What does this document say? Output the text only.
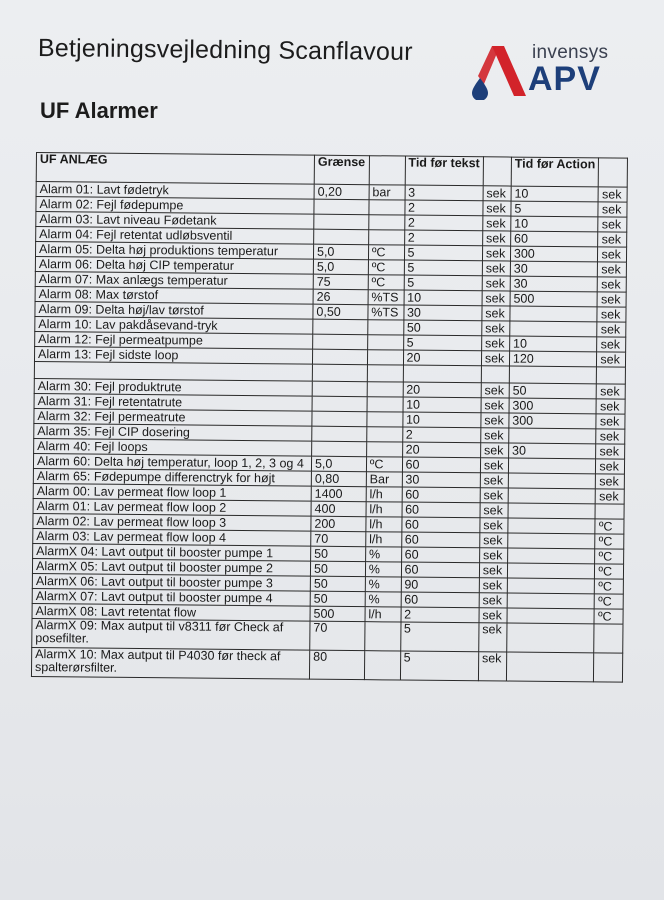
Betjeningsvejledning Scanflavour
UF Alarmer
invensys
APV
UF ANLÆG	Grænse		Tid før tekst		Tid før Action	
Alarm 01: Lavt fødetryk	0,20	bar	3	sek	10	sek
Alarm 02: Fejl fødepumpe			2	sek	5	sek
Alarm 03: Lavt niveau Fødetank			2	sek	10	sek
Alarm 04: Fejl retentat udløbsventil			2	sek	60	sek
Alarm 05: Delta høj produktions temperatur	5,0	ºC	5	sek	300	sek
Alarm 06: Delta høj CIP temperatur	5,0	ºC	5	sek	30	sek
Alarm 07: Max anlægs temperatur	75	ºC	5	sek	30	sek
Alarm 08: Max tørstof	26	%TS	10	sek	500	sek
Alarm 09: Delta høj/lav tørstof	0,50	%TS	30	sek		sek
Alarm 10: Lav pakdåsevand-tryk			50	sek		sek
Alarm 12: Fejl permeatpumpe			5	sek	10	sek
Alarm 13: Fejl sidste loop			20	sek	120	sek

Alarm 30: Fejl produktrute			20	sek	50	sek
Alarm 31: Fejl retentatrute			10	sek	300	sek
Alarm 32: Fejl permeatrute			10	sek	300	sek
Alarm 35: Fejl CIP dosering			2	sek		sek
Alarm 40: Fejl loops			20	sek	30	sek
Alarm 60: Delta høj temperatur, loop 1, 2, 3 og 4	5,0	ºC	60	sek		sek
Alarm 65: Fødepumpe differenctryk for højt	0,80	Bar	30	sek		sek
Alarm 00: Lav permeat flow loop 1	1400	l/h	60	sek		sek
Alarm 01: Lav permeat flow loop 2	400	l/h	60	sek		
Alarm 02: Lav permeat flow loop 3	200	l/h	60	sek		ºC
Alarm 03: Lav permeat flow loop 4	70	l/h	60	sek		ºC
AlarmX 04: Lavt output til booster pumpe 1	50	%	60	sek		ºC
AlarmX 05: Lavt output til booster pumpe 2	50	%	60	sek		ºC
AlarmX 06: Lavt output til booster pumpe 3	50	%	90	sek		ºC
AlarmX 07: Lavt output til booster pumpe 4	50	%	60	sek		ºC
AlarmX 08: Lavt retentat flow	500	l/h	2	sek		ºC
AlarmX 09: Max autput til v8311 før Check af posefilter.	70		5	sek		
AlarmX 10: Max autput til P4030 før theck af spalterørsfilter.	80		5	sek		
